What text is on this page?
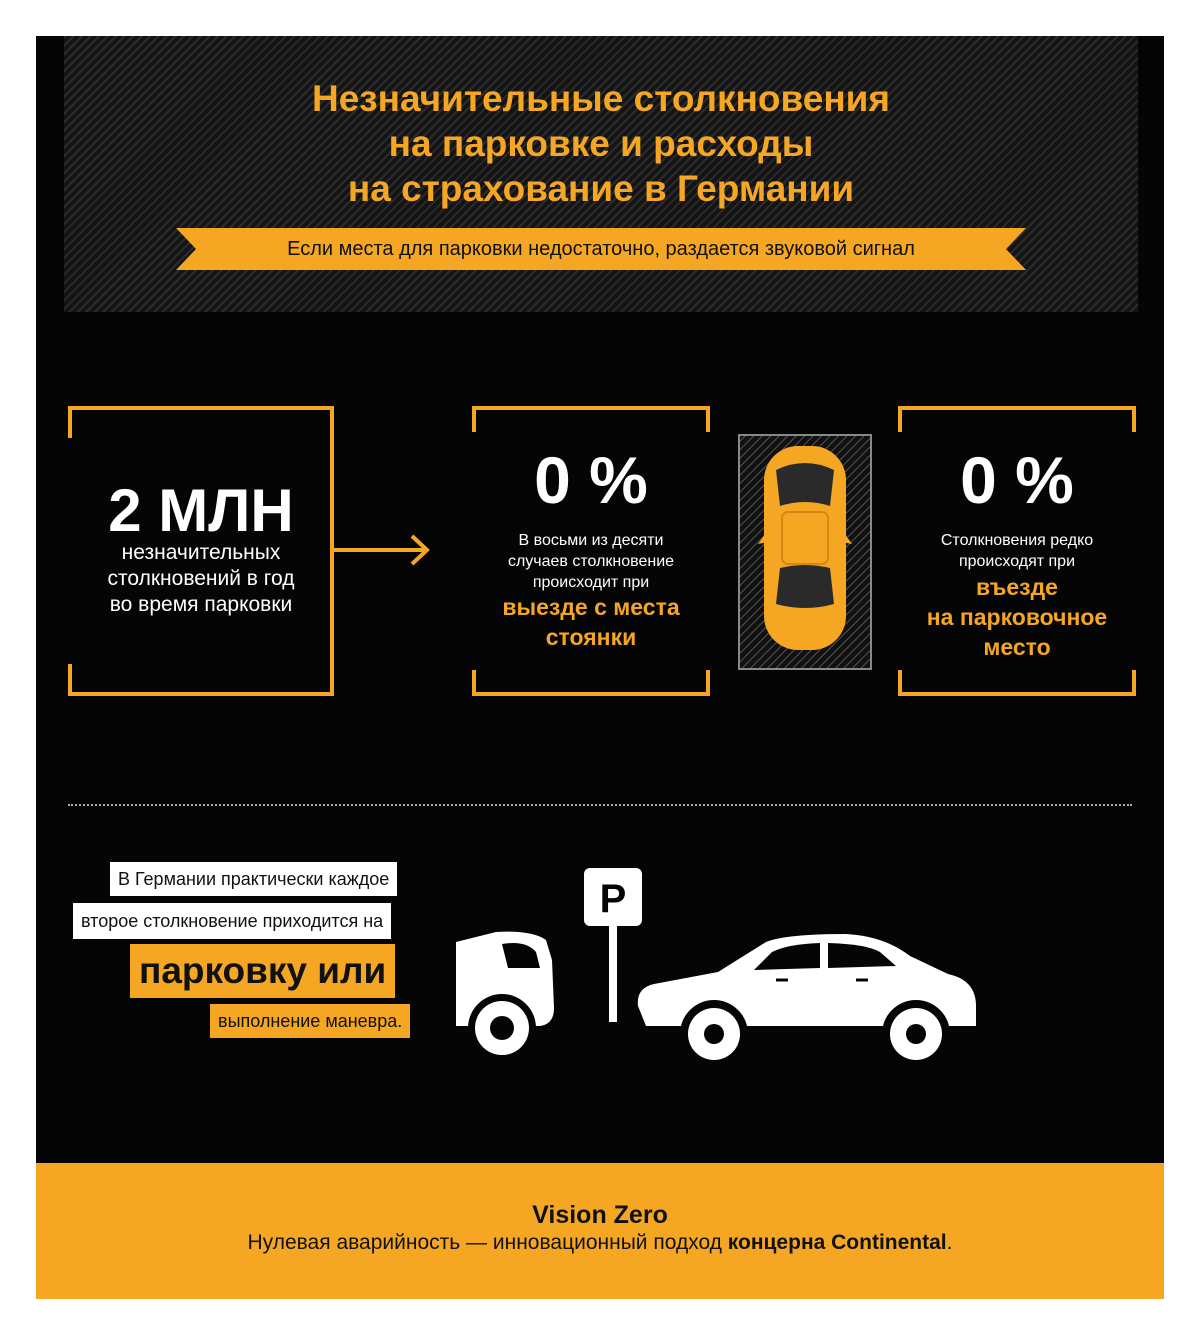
Незначительные столкновения
на парковке и расходы
на страхование в Германии
Если места для парковки недостаточно, раздается звуковой сигнал
2 МЛН
незначительных
столкновений в год
во время парковки
0 %
В восьми из десяти
случаев столкновение
происходит при
выезде с места
стоянки
0 %
Столкновения редко
происходят при
въезде
на парковочное
место
В Германии практически каждое
второе столкновение приходится на
парковку или
выполнение маневра.
P
Vision Zero
Нулевая аварийность — инновационный подход концерна Continental.
